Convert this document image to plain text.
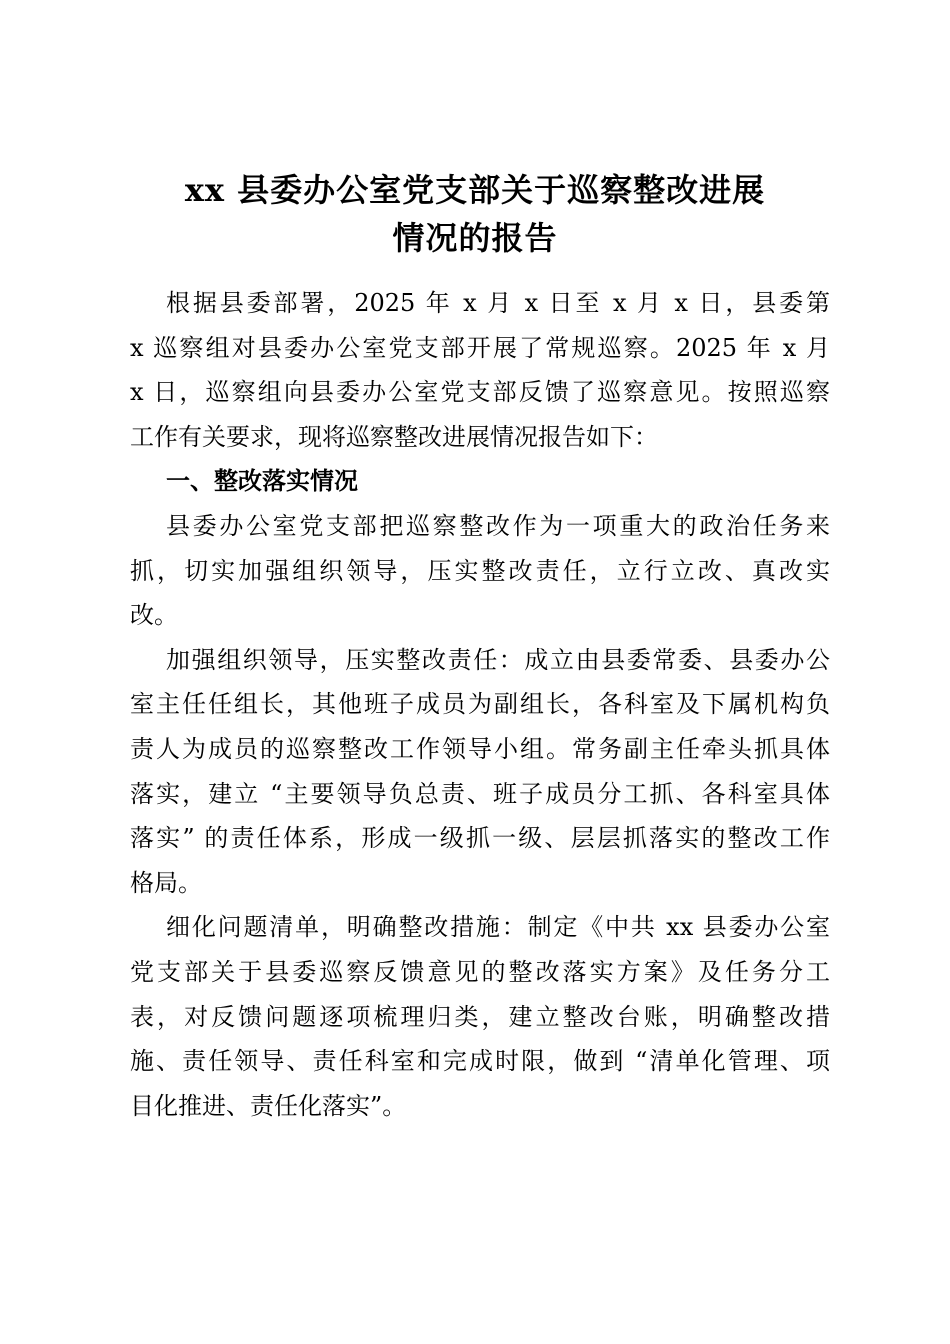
xx 县委办公室党支部关于巡察整改进展
情况的报告
根据县委部署，2025 年 x 月 x 日至 x 月 x 日，县委第
x 巡察组对县委办公室党支部开展了常规巡察。2025 年 x 月
x 日，巡察组向县委办公室党支部反馈了巡察意见。按照巡察
工作有关要求，现将巡察整改进展情况报告如下：
一、整改落实情况
县委办公室党支部把巡察整改作为一项重大的政治任务来
抓，切实加强组织领导，压实整改责任，立行立改、真改实
改。
加强组织领导，压实整改责任：成立由县委常委、县委办公
室主任任组长，其他班子成员为副组长，各科室及下属机构负
责人为成员的巡察整改工作领导小组。常务副主任牵头抓具体
落实，建立 “主要领导负总责、班子成员分工抓、各科室具体
落实” 的责任体系，形成一级抓一级、层层抓落实的整改工作
格局。
细化问题清单，明确整改措施：制定《中共 xx 县委办公室
党支部关于县委巡察反馈意见的整改落实方案》及任务分工
表，对反馈问题逐项梳理归类，建立整改台账，明确整改措
施、责任领导、责任科室和完成时限，做到 “清单化管理、项
目化推进、责任化落实”。
